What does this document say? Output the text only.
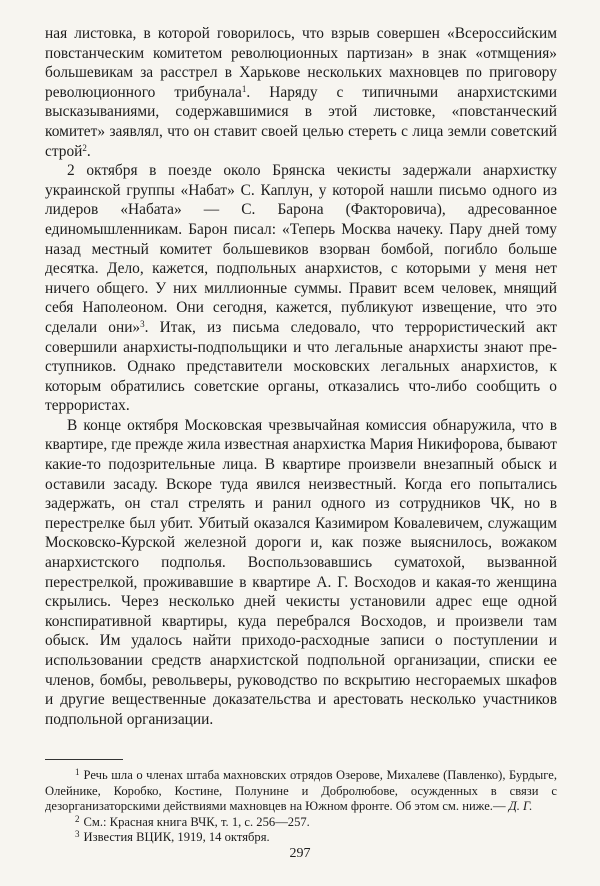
ная листовка, в которой говорилось, что взрыв совершен «Всероссийским повстанческим комитетом революционных партизан» в знак «отмщения» большевикам за расстрел в Харькове нескольких махновцев по приговору революционного трибунала$^1$. Наряду с типичными анархистскими высказываниями, содержавшимися в этой листовке, «повстанческий комитет» заявлял, что он ставит своей целью стереть с лица земли советский строй$^2$.

2 октября в поезде около Брянска чекисты задержали анархистку украинской группы «Набат» С. Каплун, у которой нашли письмо одного из лидеров «Набата» — С. Барона (Факторовича), адресованное единомышленникам. Барон писал: «Теперь Москва начеку. Пару дней тому назад местный комитет большевиков взорван бомбой, погибло больше десятка. Дело, кажется, подпольных анархистов, с которыми у меня нет ничего общего. У них миллионные суммы. Правит всем человек, мнящий себя Наполеоном. Они сегодня, кажется, публикуют извещение, что это сделали они»$^3$. Итак, из письма следовало, что террористический акт совершили анархисты-подпольщики и что легальные анархисты знают преступников. Однако представители московских легальных анархистов, к которым обратились советские органы, отказались что-либо сообщить о террористах.

В конце октября Московская чрезвычайная комиссия обнаружила, что в квартире, где прежде жила известная анархистка Мария Никифорова, бывают какие-то подозрительные лица. В квартире произвели внезапный обыск и оставили засаду. Вскоре туда явился неизвестный. Когда его попытались задержать, он стал стрелять и ранил одного из сотрудников ЧК, но в перестрелке был убит. Убитый оказался Казимиром Ковалевичем, служащим Московско-Курской железной дороги и, как позже выяснилось, вожаком анархистского подполья. Воспользовавшись суматохой, вызванной перестрелкой, проживавшие в квартире А. Г. Восходов и какая-то женщина скрылись. Через несколько дней чекисты установили адрес еще одной конспиративной квартиры, куда перебрался Восходов, и произвели там обыск. Им удалось найти приходо-расходные записи о поступлении и использовании средств анархистской подпольной организации, списки ее членов, бомбы, револьверы, руководство по вскрытию несгораемых шкафов и другие вещественные доказательства и арестовать несколько участников подпольной организации.

$^1$ Речь шла о членах штаба махновских отрядов Озерове, Михалеве (Павленко), Бурдыге, Олейнике, Коробко, Костине, Полунине и Добролюбове, осужденных в связи с дезорганизаторскими действиями махновцев на Южном фронте. Об этом см. ниже.— Д. Г.

$^2$ См.: Красная книга ВЧК, т. 1, с. 256—257.

$^3$ Известия ВЦИК, 1919, 14 октября.

297
